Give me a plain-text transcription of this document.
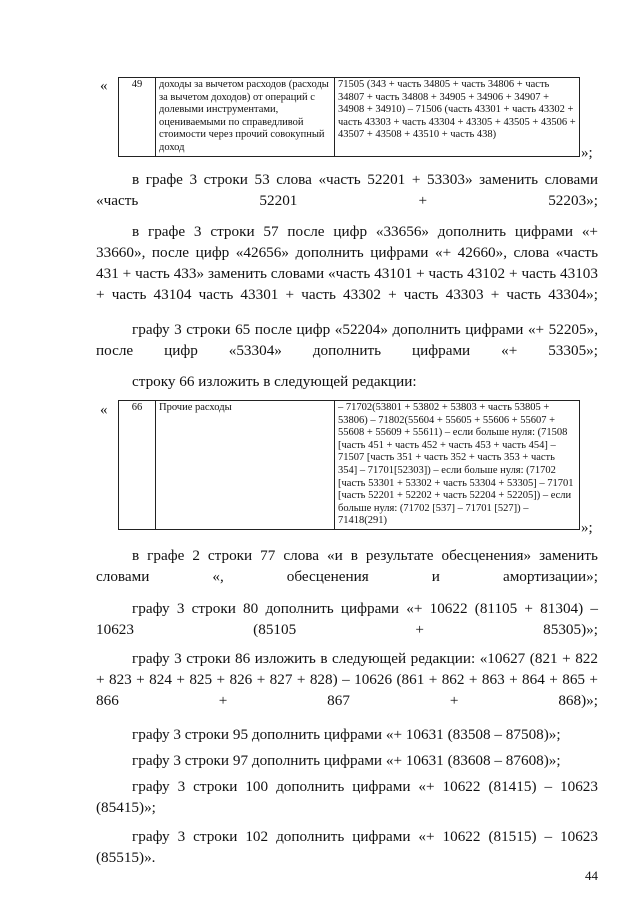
« 49	доходы за вычетом расходов (расходы за вычетом доходов) от операций с долевыми инструментами, оцениваемыми по справедливой стоимости через прочий совокупный доход	71505 (343 + часть 34805 + часть 34806 + часть 34807 + часть 34808 + 34905 + 34906 + 34907 + 34908 + 34910) – 71506 (часть 43301 + часть 43302 + часть 43303 + часть 43304 + 43305 + 43505 + 43506 + 43507 + 43508 + 43510 + часть 438)
»;
в графе 3 строки 53 слова «часть 52201 + 53303» заменить словами «часть 52201 + 52203»;
в графе 3 строки 57 после цифр «33656» дополнить цифрами «+ 33660», после цифр «42656» дополнить цифрами «+ 42660», слова «часть 431 + часть 433» заменить словами «часть 43101 + часть 43102 + часть 43103 + часть 43104 часть 43301 + часть 43302 + часть 43303 + часть 43304»;
графу 3 строки 65 после цифр «52204» дополнить цифрами «+ 52205», после цифр «53304» дополнить цифрами «+ 53305»;
строку 66 изложить в следующей редакции:
« 66	Прочие расходы	– 71702(53801 + 53802 + 53803 + часть 53805 + 53806) – 71802(55604 + 55605 + 55606 + 55607 + 55608 + 55609 + 55611) – если больше нуля: (71508 [часть 451 + часть 452 + часть 453 + часть 454] –71507 [часть 351 + часть 352 + часть 353 + часть 354] – 71701[52303]) – если больше нуля: (71702 [часть 53301 + 53302 + часть 53304 + 53305] – 71701 [часть 52201 + 52202 + часть 52204 + 52205]) – если больше нуля: (71702 [537] – 71701 [527]) – 71418(291)	»;
в графе 2 строки 77 слова «и в результате обесценения» заменить словами «, обесценения и амортизации»;
графу 3 строки 80 дополнить цифрами «+ 10622 (81105 + 81304) – 10623 (85105 + 85305)»;
графу 3 строки 86 изложить в следующей редакции: «10627 (821 + 822 + 823 + 824 + 825 + 826 + 827 + 828) – 10626 (861 + 862 + 863 + 864 + 865 + 866 + 867 + 868)»;
графу 3 строки 95 дополнить цифрами «+ 10631 (83508 – 87508)»;
графу 3 строки 97 дополнить цифрами «+ 10631 (83608 – 87608)»;
графу 3 строки 100 дополнить цифрами «+ 10622 (81415) – 10623 (85415)»;
графу 3 строки 102 дополнить цифрами «+ 10622 (81515) – 10623 (85515)».
44
